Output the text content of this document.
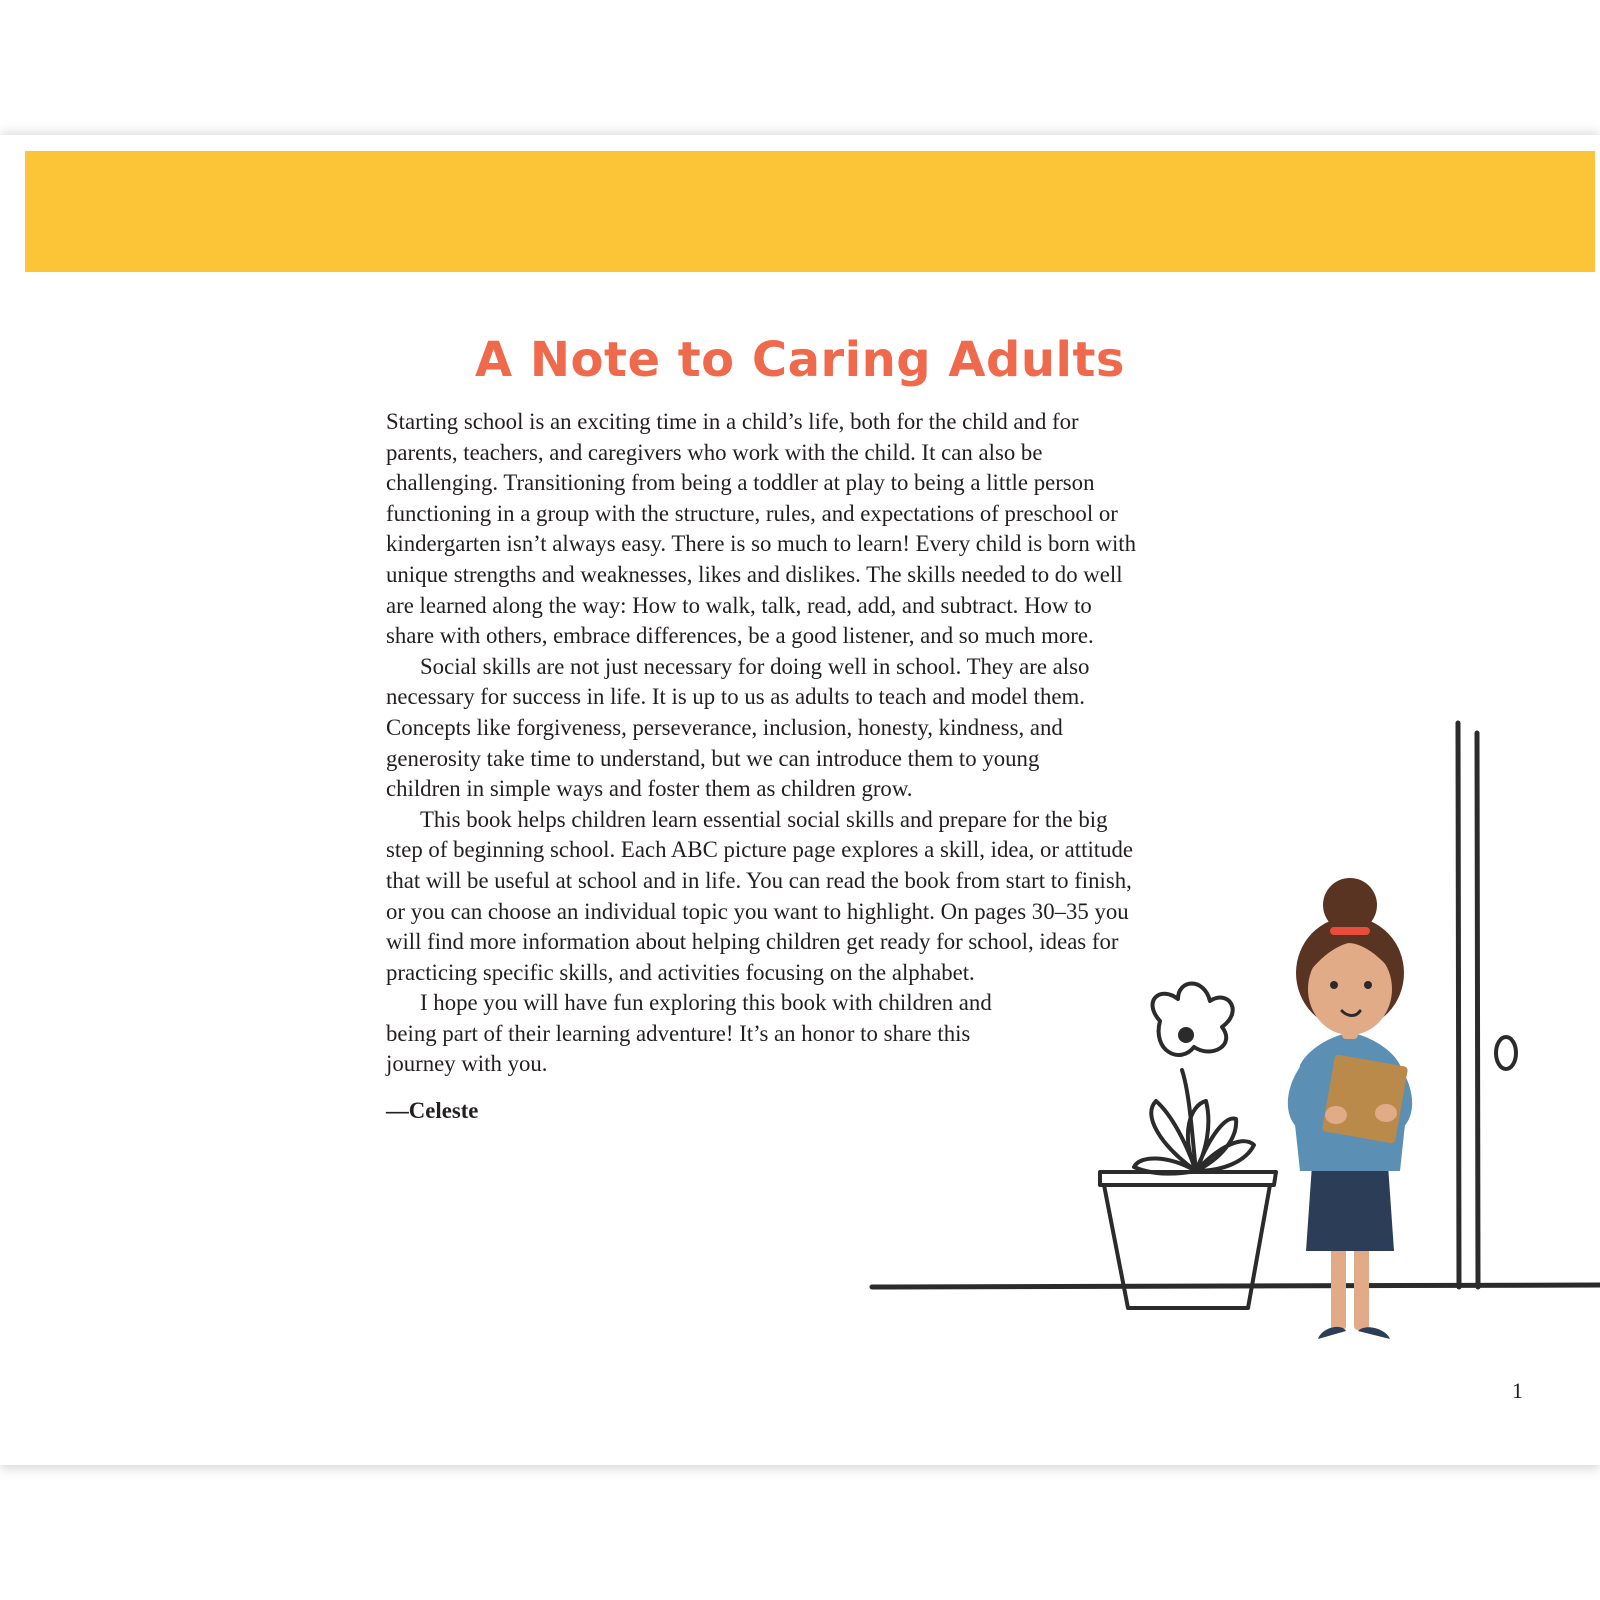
A Note to Caring Adults

Starting school is an exciting time in a child’s life, both for the child and for
parents, teachers, and caregivers who work with the child. It can also be
challenging. Transitioning from being a toddler at play to being a little person
functioning in a group with the structure, rules, and expectations of preschool or
kindergarten isn’t always easy. There is so much to learn! Every child is born with
unique strengths and weaknesses, likes and dislikes. The skills needed to do well
are learned along the way: How to walk, talk, read, add, and subtract. How to
share with others, embrace differences, be a good listener, and so much more.

Social skills are not just necessary for doing well in school. They are also
necessary for success in life. It is up to us as adults to teach and model them.
Concepts like forgiveness, perseverance, inclusion, honesty, kindness, and
generosity take time to understand, but we can introduce them to young
children in simple ways and foster them as children grow.

This book helps children learn essential social skills and prepare for the big
step of beginning school. Each ABC picture page explores a skill, idea, or attitude
that will be useful at school and in life. You can read the book from start to finish,
or you can choose an individual topic you want to highlight. On pages 30–35 you
will find more information about helping children get ready for school, ideas for
practicing specific skills, and activities focusing on the alphabet.

I hope you will have fun exploring this book with children and
being part of their learning adventure! It’s an honor to share this
journey with you.

—Celeste
1
